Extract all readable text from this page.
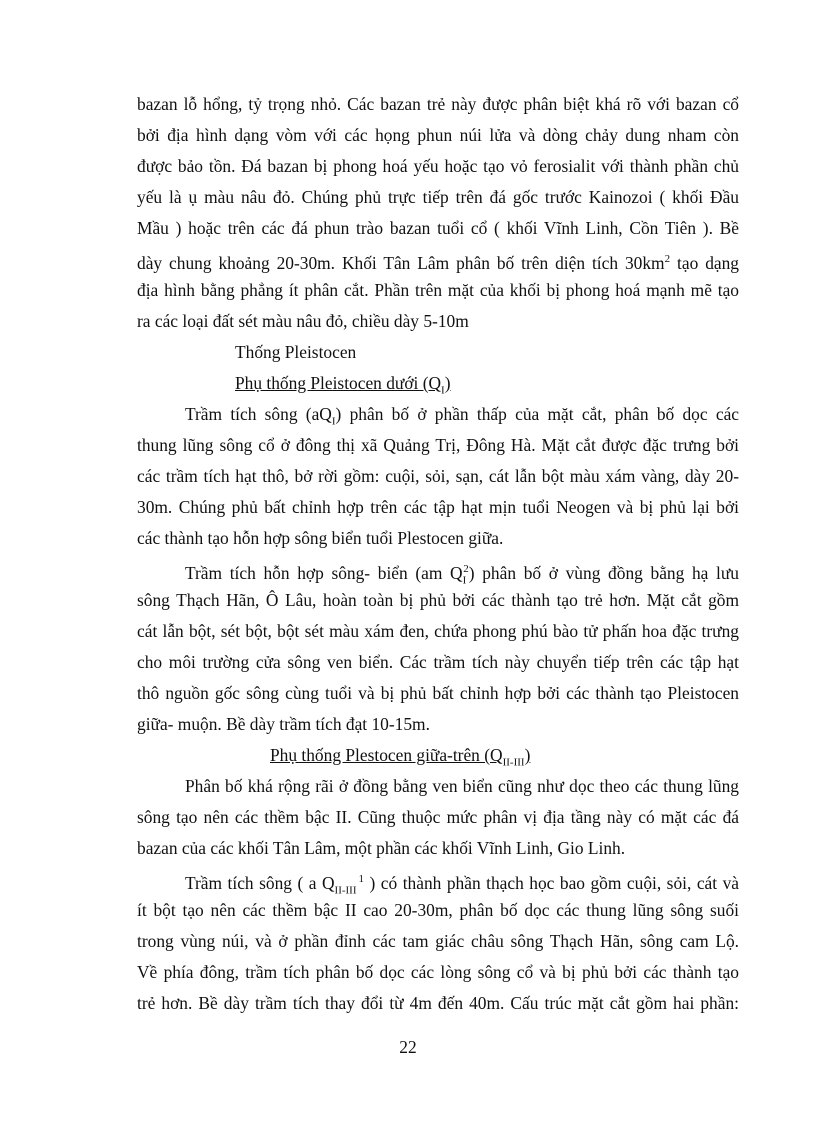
bazan lỗ hổng, tỷ trọng nhỏ. Các bazan trẻ này được phân biệt khá rõ với bazan cổ
bởi địa hình dạng vòm với các họng phun núi lửa và dòng chảy dung nham còn
được bảo tồn. Đá bazan bị phong hoá yếu hoặc tạo vỏ ferosialit với thành phần chủ
yếu là ụ màu nâu đỏ. Chúng phủ trực tiếp trên đá gốc trước Kainozoi ( khối Đầu
Mầu ) hoặc trên các đá phun trào bazan tuổi cổ ( khối Vĩnh Linh, Cồn Tiên ). Bề
dày chung khoảng 20-30m. Khối Tân Lâm phân bố trên diện tích $30km^2$ tạo dạng
địa hình bằng phẳng ít phân cắt. Phần trên mặt của khối bị phong hoá mạnh mẽ tạo
ra các loại đất sét màu nâu đỏ, chiều dày 5-10m
Thống Pleistocen
Phụ thống Pleistocen dưới $(Q_I)$
Trầm tích sông $(aQ_I)$ phân bố ở phần thấp của mặt cắt, phân bố dọc các
thung lũng sông cổ ở đông thị xã Quảng Trị, Đông Hà. Mặt cắt được đặc trưng bởi
các trầm tích hạt thô, bở rời gồm: cuội, sỏi, sạn, cát lẫn bột màu xám vàng, dày 20-
30m. Chúng phủ bất chỉnh hợp trên các tập hạt mịn tuổi Neogen và bị phủ lại bởi
các thành tạo hỗn hợp sông biển tuổi Plestocen giữa.
Trầm tích hỗn hợp sông- biển (am $Q_I^2$) phân bố ở vùng đồng bằng hạ lưu
sông Thạch Hãn, Ô Lâu, hoàn toàn bị phủ bởi các thành tạo trẻ hơn. Mặt cắt gồm
cát lẫn bột, sét bột, bột sét màu xám đen, chứa phong phú bào tử phấn hoa đặc trưng
cho môi trường cửa sông ven biển. Các trầm tích này chuyển tiếp trên các tập hạt
thô nguồn gốc sông cùng tuổi và bị phủ bất chỉnh hợp bởi các thành tạo Pleistocen
giữa- muộn. Bề dày trầm tích đạt 10-15m.
Phụ thống Plestocen giữa-trên $(Q_{II-III})$
Phân bố khá rộng rãi ở đồng bằng ven biển cũng như dọc theo các thung lũng
sông tạo nên các thềm bậc II. Cũng thuộc mức phân vị địa tầng này có mặt các đá
bazan của các khối Tân Lâm, một phần các khối Vĩnh Linh, Gio Linh.
Trầm tích sông ( a $Q_{II-III}^1$ ) có thành phần thạch học bao gồm cuội, sỏi, cát và
ít bột tạo nên các thềm bậc II cao 20-30m, phân bố dọc các thung lũng sông suối
trong vùng núi, và ở phần đỉnh các tam giác châu sông Thạch Hãn, sông cam Lộ.
Về phía đông, trầm tích phân bố dọc các lòng sông cổ và bị phủ bởi các thành tạo
trẻ hơn. Bề dày trầm tích thay đổi từ 4m đến 40m. Cấu trúc mặt cắt gồm hai phần:
22
